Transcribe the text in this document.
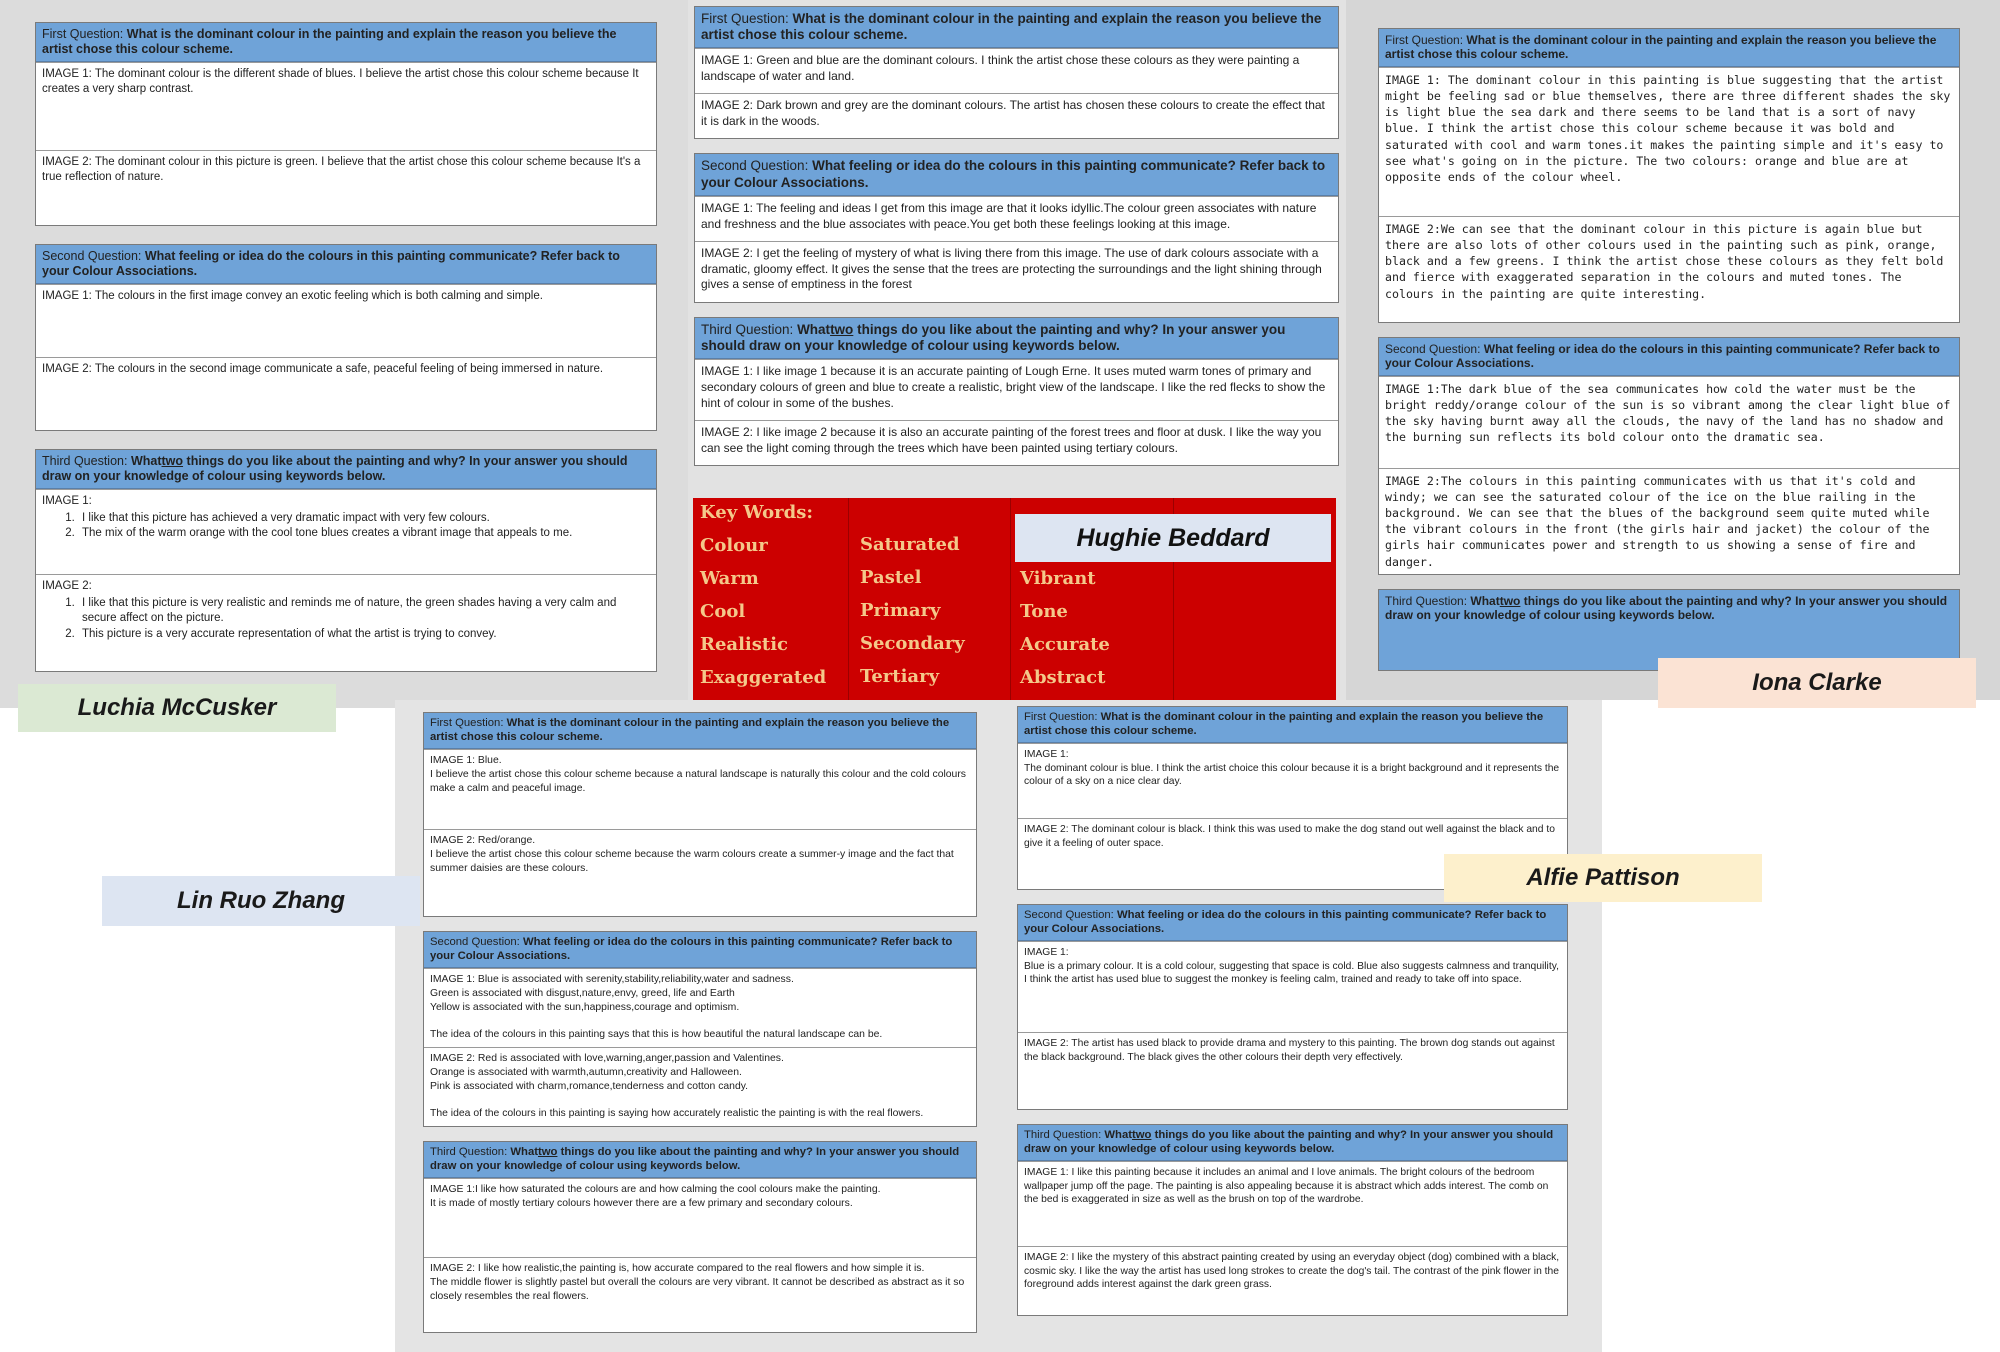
First Question: What is the dominant colour in the painting and explain the reason you believe the artist chose this colour scheme.
IMAGE 1: The dominant colour is the different shade of blues. I believe the artist chose this colour scheme because It creates a very sharp contrast.
IMAGE 2: The dominant colour in this picture is green. I believe that the artist chose this colour scheme because It's a true reflection of nature.
Second Question: What feeling or idea do the colours in this painting communicate? Refer back to your Colour Associations.
IMAGE 1: The colours in the first image convey an exotic feeling which is both calming and simple.
IMAGE 2: The colours in the second image communicate a safe, peaceful feeling of being immersed in nature.
Third Question: Whattwo things do you like about the painting and why? In your answer you should draw on your knowledge of colour using keywords below.
IMAGE 1:
1. I like that this picture has achieved a very dramatic impact with very few colours.
2. The mix of the warm orange with the cool tone blues creates a vibrant image that appeals to me.
IMAGE 2:
1. I like that this picture is very realistic and reminds me of nature, the green shades having a very calm and secure affect on the picture.
2. This picture is a very accurate representation of what the artist is trying to convey.
Luchia McCusker
First Question: What is the dominant colour in the painting and explain the reason you believe the artist chose this colour scheme.
IMAGE 1: Green and blue are the dominant colours. I think the artist chose these colours as they were painting a landscape of water and land.
IMAGE 2: Dark brown and grey are the dominant colours. The artist has chosen these colours to create the effect that it is dark in the woods.
Second Question: What feeling or idea do the colours in this painting communicate? Refer back to your Colour Associations.
IMAGE 1: The feeling and ideas I get from this image are that it looks idyllic.The colour green associates with nature and freshness and the blue associates with peace.You get both these feelings looking at this image.
IMAGE 2: I get the feeling of mystery of what is living there from this image. The use of dark colours associate with a dramatic, gloomy effect. It gives the sense that the trees are protecting the surroundings and the light shining through gives a sense of emptiness in the forest
Third Question: Whattwo things do you like about the painting and why? In your answer you should draw on your knowledge of colour using keywords below.
IMAGE 1: I like image 1 because it is an accurate painting of Lough Erne. It uses muted warm tones of primary and secondary colours of green and blue to create a realistic, bright view of the landscape. I like the red flecks to show the hint of colour in some of the bushes.
IMAGE 2: I like image 2 because it is also an accurate painting of the forest trees and floor at dusk. I like the way you can see the light coming through the trees which have been painted using tertiary colours.
Key Words:
Colour
Warm
Cool
Realistic
Exaggerated
Saturated
Pastel
Primary
Secondary
Tertiary
Vibrant
Tone
Accurate
Abstract
Hughie Beddard
First Question: What is the dominant colour in the painting and explain the reason you believe the artist chose this colour scheme.
IMAGE 1: The dominant colour in this painting is blue suggesting that the artist might be feeling sad or blue themselves, there are three different shades the sky is light blue the sea dark and there seems to be land that is a sort of navy blue. I think the artist chose this colour scheme because it was bold and saturated with cool and warm tones.it makes the painting simple and it's easy to see what's going on in the picture. The two colours: orange and blue are at opposite ends of the colour wheel.
IMAGE 2:We can see that the dominant colour in this picture is again blue but there are also lots of other colours used in the painting such as pink, orange, black and a few greens. I think the artist chose these colours as they felt bold and fierce with exaggerated separation in the colours and muted tones. The colours in the painting are quite interesting.
Second Question: What feeling or idea do the colours in this painting communicate? Refer back to your Colour Associations.
IMAGE 1:The dark blue of the sea communicates how cold the water must be the bright reddy/orange colour of the sun is so vibrant among the clear light blue of the sky having burnt away all the clouds, the navy of the land has no shadow and the burning sun reflects its bold colour onto the dramatic sea.
IMAGE 2:The colours in this painting communicates with us that it's cold and windy; we can see the saturated colour of the ice on the blue railing in the background. We can see that the blues of the background seem quite muted while the vibrant colours in the front (the girls hair and jacket) the colour of the girls hair communicates power and strength to us showing a sense of fire and danger.
Third Question: Whattwo things do you like about the painting and why? In your answer you should draw on your knowledge of colour using keywords below.
Iona Clarke
First Question: What is the dominant colour in the painting and explain the reason you believe the artist chose this colour scheme.
IMAGE 1: Blue.
I believe the artist chose this colour scheme because a natural landscape is naturally this colour and the cold colours make a calm and peaceful image.
IMAGE 2: Red/orange.
I believe the artist chose this colour scheme because the warm colours create a summer-y image and the fact that summer daisies are these colours.
Second Question: What feeling or idea do the colours in this painting communicate? Refer back to your Colour Associations.
IMAGE 1: Blue is associated with serenity,stability,reliability,water and sadness.
Green is associated with disgust,nature,envy, greed, life and Earth
Yellow is associated with the sun,happiness,courage and optimism.

The idea of the colours in this painting says that this is how beautiful the natural landscape can be.
IMAGE 2: Red is associated with love,warning,anger,passion and Valentines.
Orange is associated with warmth,autumn,creativity and Halloween.
Pink is associated with charm,romance,tenderness and cotton candy.

The idea of the colours in this painting is saying how accurately realistic the painting is with the real flowers.
Third Question: Whattwo things do you like about the painting and why? In your answer you should draw on your knowledge of colour using keywords below.
IMAGE 1:I like how saturated the colours are and how calming the cool colours make the painting.
It is made of mostly tertiary colours however there are a few primary and secondary colours.
IMAGE 2: I like how realistic,the painting is, how accurate compared to the real flowers and how simple it is.
The middle flower is slightly pastel but overall the colours are very vibrant. It cannot be described as abstract as it so closely resembles the real flowers.
Lin Ruo Zhang
First Question: What is the dominant colour in the painting and explain the reason you believe the artist chose this colour scheme.
IMAGE 1:
The dominant colour is blue. I think the artist choice this colour because it is a bright background and it represents the colour of a sky on a nice clear day.
IMAGE 2: The dominant colour is black. I think this was used to make the dog stand out well against the black and to give it a feeling of outer space.
Second Question: What feeling or idea do the colours in this painting communicate? Refer back to your Colour Associations.
IMAGE 1:
Blue is a primary colour. It is a cold colour, suggesting that space is cold. Blue also suggests calmness and tranquility, I think the artist has used blue to suggest the monkey is feeling calm, trained and ready to take off into space.
IMAGE 2: The artist has used black to provide drama and mystery to this painting. The brown dog stands out against the black background. The black gives the other colours their depth very effectively.
Third Question: Whattwo things do you like about the painting and why? In your answer you should draw on your knowledge of colour using keywords below.
IMAGE 1: I like this painting because it includes an animal and I love animals. The bright colours of the bedroom wallpaper jump off the page. The painting is also appealing because it is abstract which adds interest. The comb on the bed is exaggerated in size as well as the brush on top of the wardrobe.
IMAGE 2: I like the mystery of this abstract painting created by using an everyday object (dog) combined with a black, cosmic sky. I like the way the artist has used long strokes to create the dog's tail. The contrast of the pink flower in the foreground adds interest against the dark green grass.
Alfie Pattison
